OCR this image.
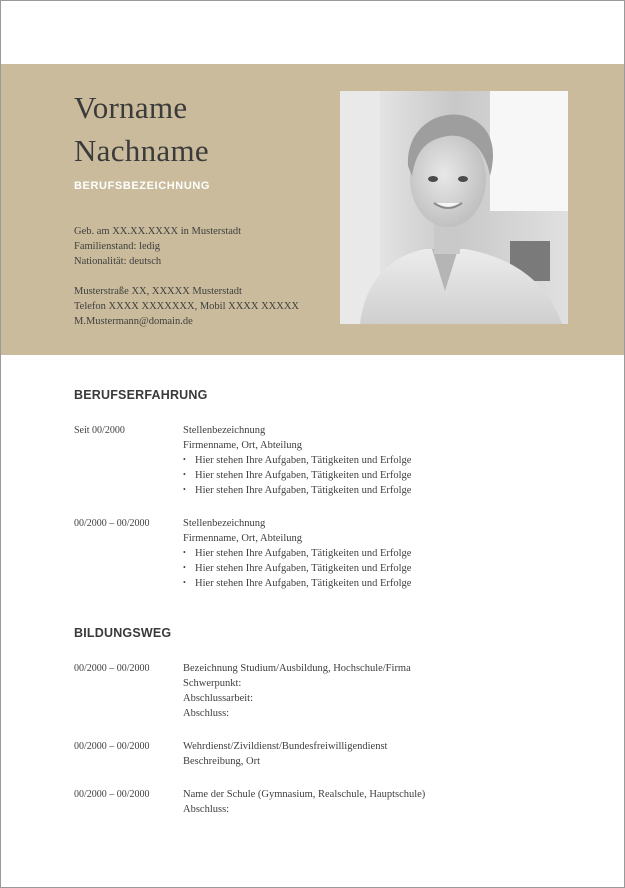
Vorname
Nachname
BERUFSBEZEICHNUNG
Geb. am XX.XX.XXXX in Musterstadt
Familienstand: ledig
Nationalität: deutsch
Musterstraße XX, XXXXX Musterstadt
Telefon XXXX XXXXXXX, Mobil XXXX XXXXX
M.Mustermann@domain.de
BERUFSERFAHRUNG
Seit 00/2000	Stellenbezeichnung
Firmenname, Ort, Abteilung
• Hier stehen Ihre Aufgaben, Tätigkeiten und Erfolge
• Hier stehen Ihre Aufgaben, Tätigkeiten und Erfolge
• Hier stehen Ihre Aufgaben, Tätigkeiten und Erfolge
00/2000 – 00/2000	Stellenbezeichnung
Firmenname, Ort, Abteilung
• Hier stehen Ihre Aufgaben, Tätigkeiten und Erfolge
• Hier stehen Ihre Aufgaben, Tätigkeiten und Erfolge
• Hier stehen Ihre Aufgaben, Tätigkeiten und Erfolge
BILDUNGSWEG
00/2000 – 00/2000	Bezeichnung Studium/Ausbildung, Hochschule/Firma
Schwerpunkt:
Abschlussarbeit:
Abschluss:
00/2000 – 00/2000	Wehrdienst/Zivildienst/Bundesfreiwilligendienst
Beschreibung, Ort
00/2000 – 00/2000	Name der Schule (Gymnasium, Realschule, Hauptschule)
Abschluss:
